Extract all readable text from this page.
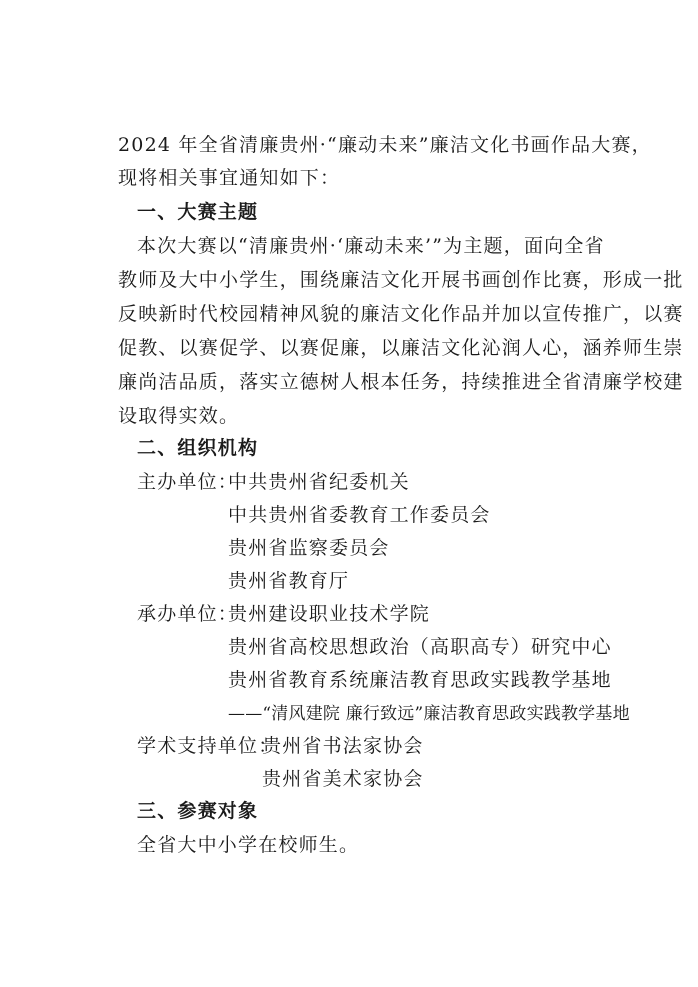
2024 年全省清廉贵州·“廉动未来”廉洁文化书画作品大赛，
现将相关事宜通知如下：
一、大赛主题
本次大赛以“清廉贵州·‘廉动未来’”为主题，面向全省
教师及大中小学生，围绕廉洁文化开展书画创作比赛，形成一批
反映新时代校园精神风貌的廉洁文化作品并加以宣传推广，以赛
促教、以赛促学、以赛促廉，以廉洁文化沁润人心，涵养师生崇
廉尚洁品质，落实立德树人根本任务，持续推进全省清廉学校建
设取得实效。
二、组织机构
主办单位：
中共贵州省纪委机关
中共贵州省委教育工作委员会
贵州省监察委员会
贵州省教育厅
承办单位：
贵州建设职业技术学院
贵州省高校思想政治（高职高专）研究中心
贵州省教育系统廉洁教育思政实践教学基地
——“清风建院 廉行致远”廉洁教育思政实践教学基地
学术支持单位：
贵州省书法家协会
贵州省美术家协会
三、参赛对象
全省大中小学在校师生。
